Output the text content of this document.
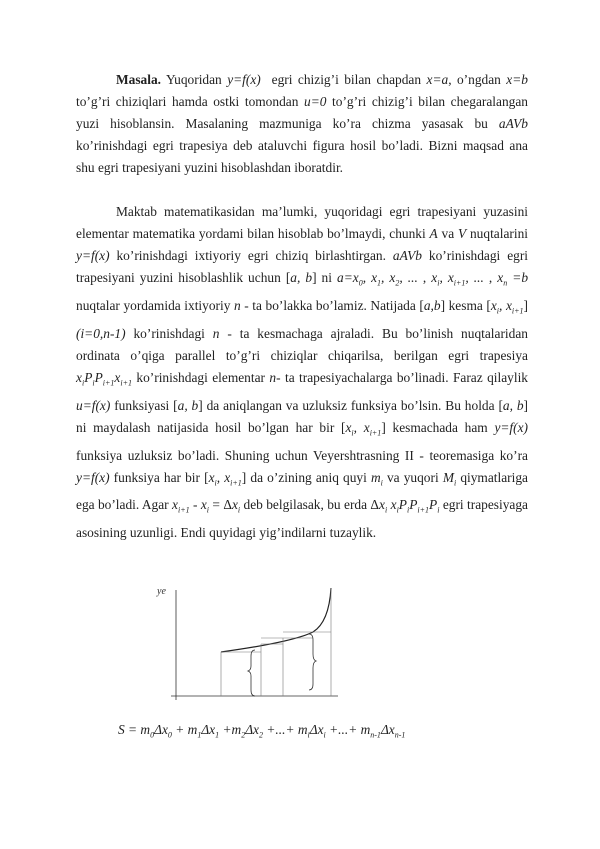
Masala. Yuqoridan y=f(x)  egri chizig’i bilan chapdan x=a, o’ngdan x=b to’g’ri chiziqlari hamda ostki tomondan u=0 to’g’ri chizig’i bilan chegaralangan yuzi hisoblansin. Masalaning mazmuniga ko’ra chizma yasasak bu aAVb ko’rinishdagi egri trapesiya deb ataluvchi figura hosil bo’ladi. Bizni maqsad ana shu egri trapesiyani yuzini hisoblashdan iboratdir.

Maktab matematikasidan ma’lumki, yuqoridagi egri trapesiyani yuzasini elementar matematika yordami bilan hisoblab bo’lmaydi, chunki A va V nuqtalarini y=f(x) ko’rinishdagi ixtiyoriy egri chiziq birlashtirgan. aAVb ko’rinishdagi egri trapesiyani yuzini hisoblashlik uchun [a, b] ni $a=x_0$, $x_1$, $x_2$, ... , $x_i$, $x_{i+1}$, ... , $x_n =b$ nuqtalar yordamida ixtiyoriy n - ta bo’lakka bo’lamiz. Natijada [a,b] kesma [$x_i$, $x_{i+1}$] (i=0,n-1) ko’rinishdagi n - ta kesmachaga ajraladi. Bu bo’linish nuqtalaridan ordinata o’qiga parallel to’g’ri chiziqlar chiqarilsa, berilgan egri trapesiya $x_iP_iP_{i+1}x_{i+1}$ ko’rinishdagi elementar n- ta trapesiyachalarga bo’linadi. Faraz qilaylik u=f(x) funksiyasi [a, b] da aniqlangan va uzluksiz funksiya bo’lsin. Bu holda [a, b] ni maydalash natijasida hosil bo’lgan har bir [$x_i$, $x_{i+1}$] kesmachada ham y=f(x) funksiya uzluksiz bo’ladi. Shuning uchun Veyershtrasning II - teoremasiga ko’ra y=f(x) funksiya har bir [$x_i$, $x_{i+1}$] da o’zining aniq quyi $m_i$ va yuqori $M_i$ qiymatlariga ega bo’ladi. Agar $x_{i+1} - x_i = \Delta x_i$ deb belgilasak, bu erda $\Delta x_i$ $x_iP_iP_{i+1}P_i$ egri trapesiyaga asosining uzunligi. Endi quyidagi yig’indilarni tuzaylik.

ye
$S = m_0\Delta x_0 + m_1\Delta x_1 +m_2\Delta x_2$ +...+ $m_i\Delta x_i$ +...+ $m_{n-1}\Delta x_{n-1}$
